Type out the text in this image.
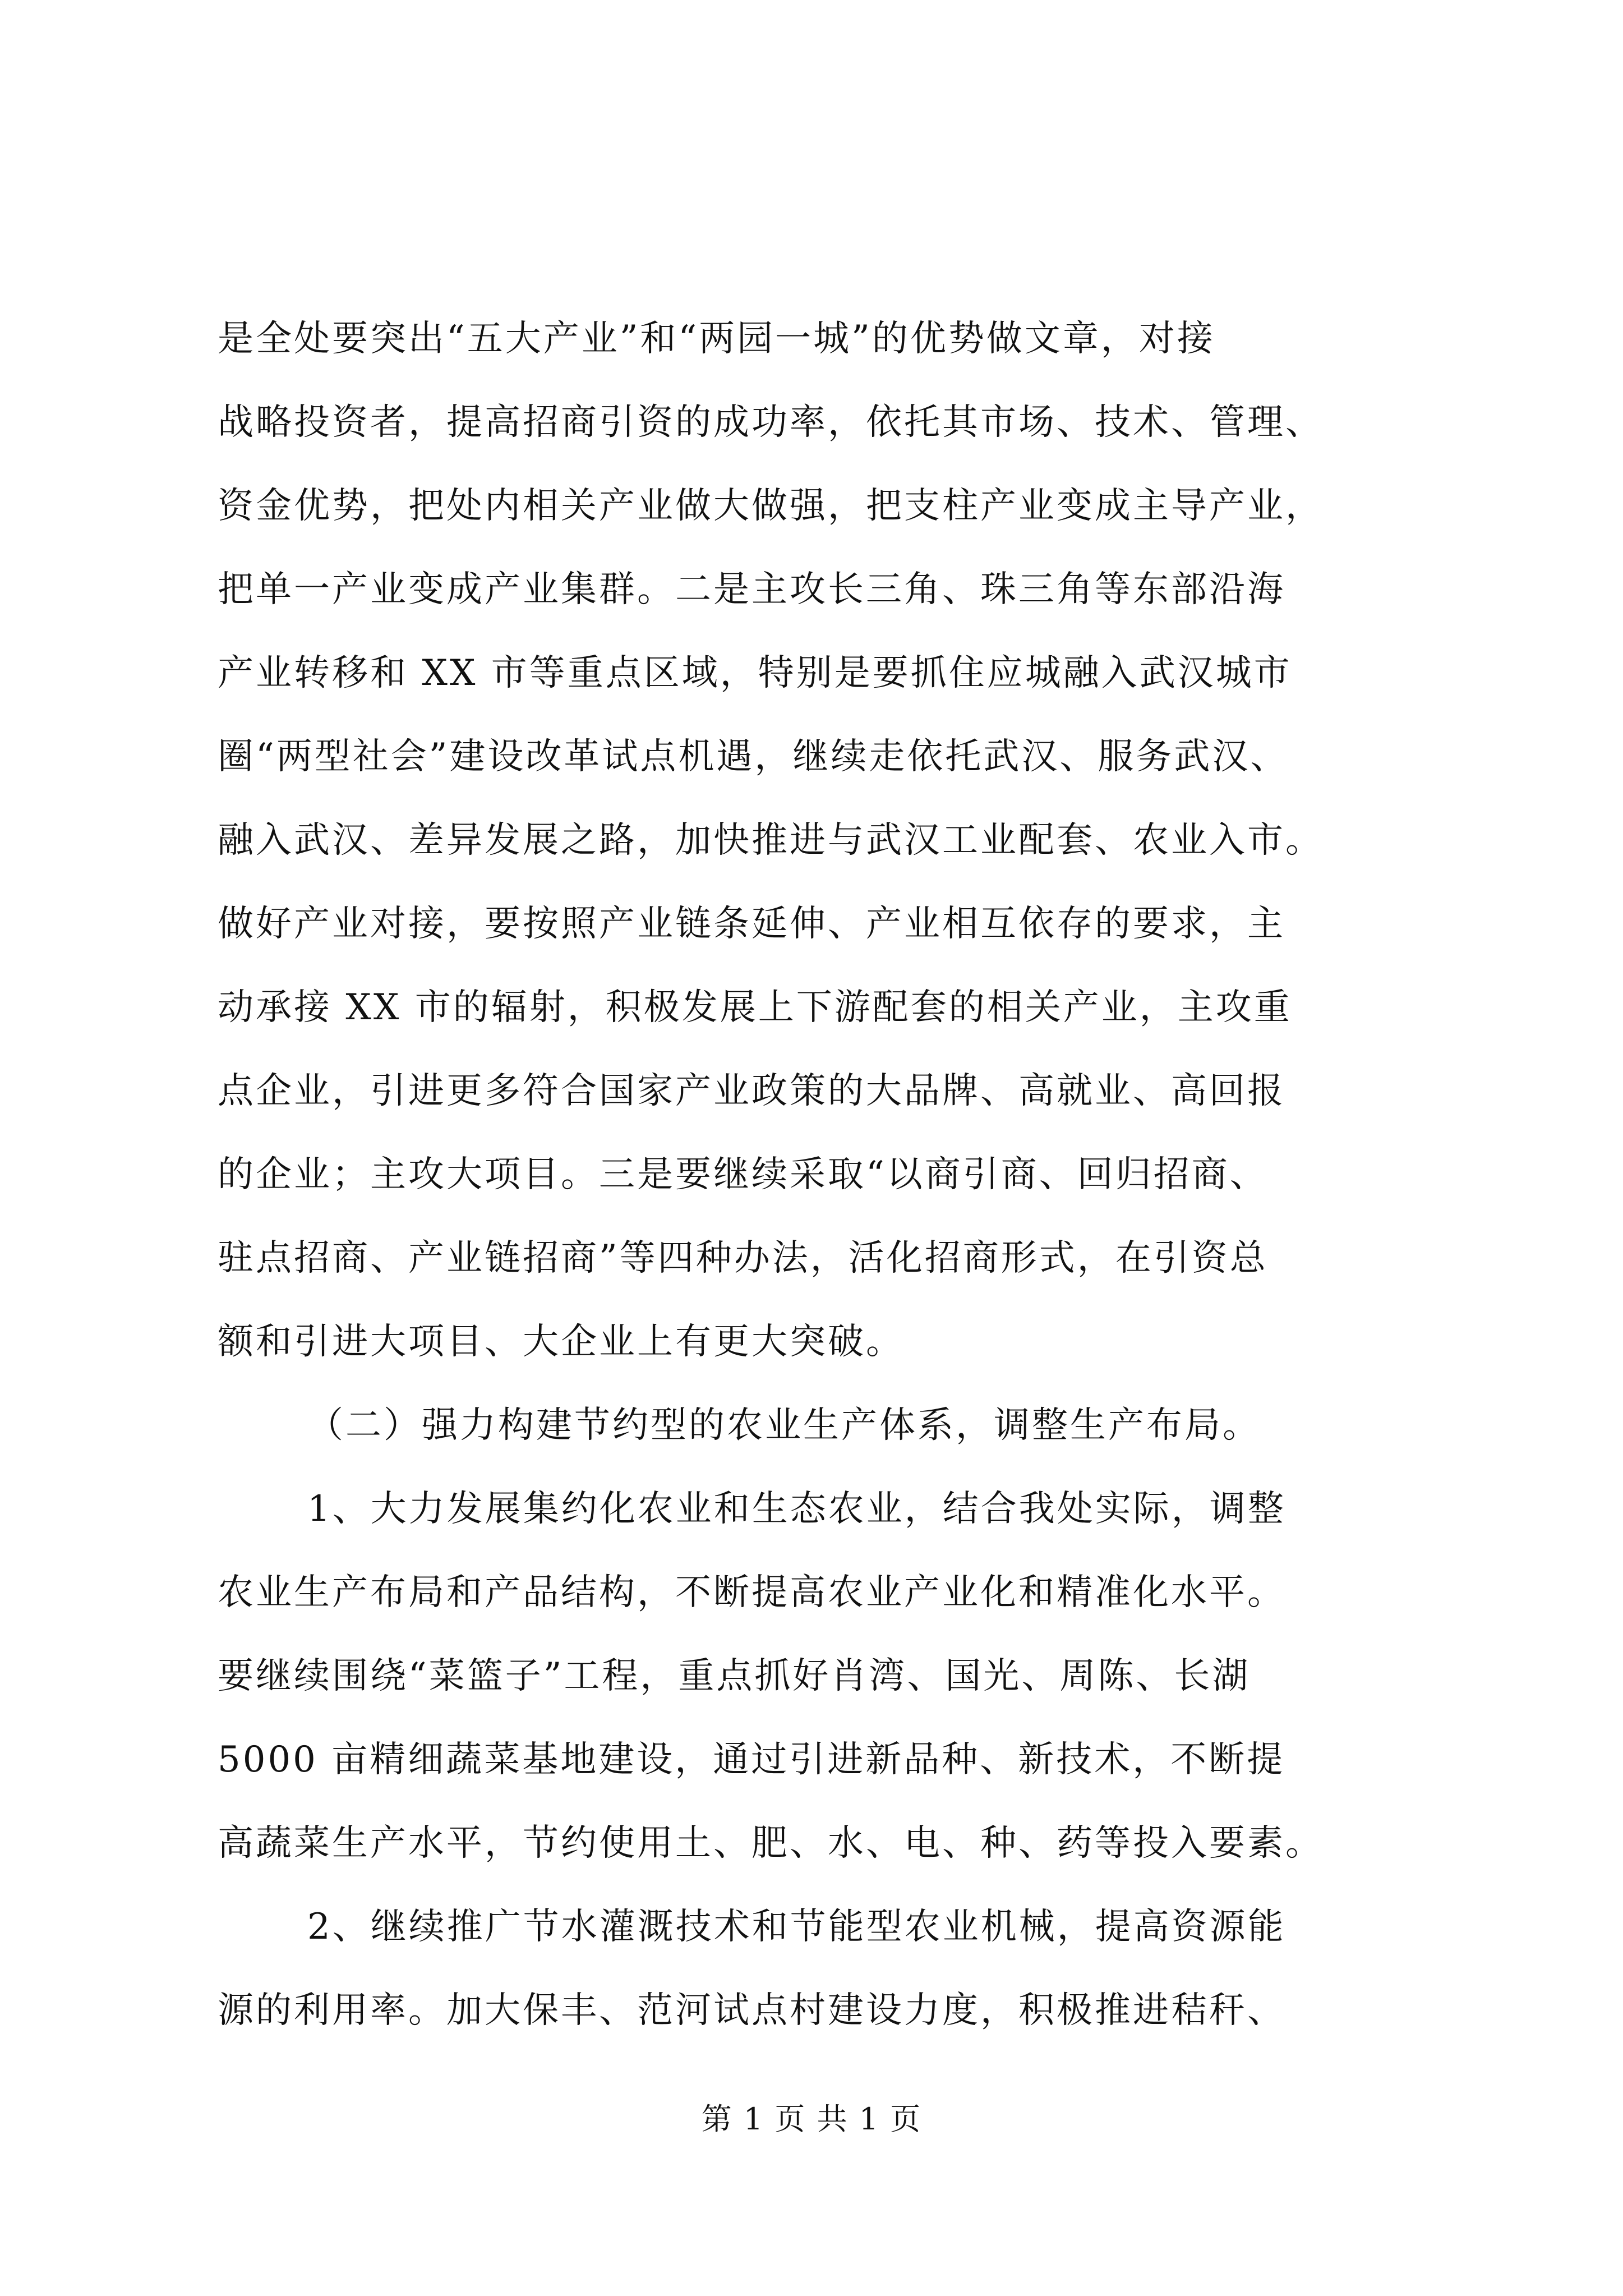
是全处要突出“五大产业”和“两园一城”的优势做文章，对接
战略投资者，提高招商引资的成功率，依托其市场、技术、管理、
资金优势，把处内相关产业做大做强，把支柱产业变成主导产业，
把单一产业变成产业集群。二是主攻长三角、珠三角等东部沿海
产业转移和 XX 市等重点区域，特别是要抓住应城融入武汉城市
圈“两型社会”建设改革试点机遇，继续走依托武汉、服务武汉、
融入武汉、差异发展之路，加快推进与武汉工业配套、农业入市。
做好产业对接，要按照产业链条延伸、产业相互依存的要求，主
动承接 XX 市的辐射，积极发展上下游配套的相关产业，主攻重
点企业，引进更多符合国家产业政策的大品牌、高就业、高回报
的企业；主攻大项目。三是要继续采取“以商引商、回归招商、
驻点招商、产业链招商”等四种办法，活化招商形式，在引资总
额和引进大项目、大企业上有更大突破。
（二）强力构建节约型的农业生产体系，调整生产布局。
1、大力发展集约化农业和生态农业，结合我处实际，调整
农业生产布局和产品结构，不断提高农业产业化和精准化水平。
要继续围绕“菜篮子”工程，重点抓好肖湾、国光、周陈、长湖
5000 亩精细蔬菜基地建设，通过引进新品种、新技术，不断提
高蔬菜生产水平，节约使用土、肥、水、电、种、药等投入要素。
2、继续推广节水灌溉技术和节能型农业机械，提高资源能
源的利用率。加大保丰、范河试点村建设力度，积极推进秸秆、
第 1 页 共 1 页
